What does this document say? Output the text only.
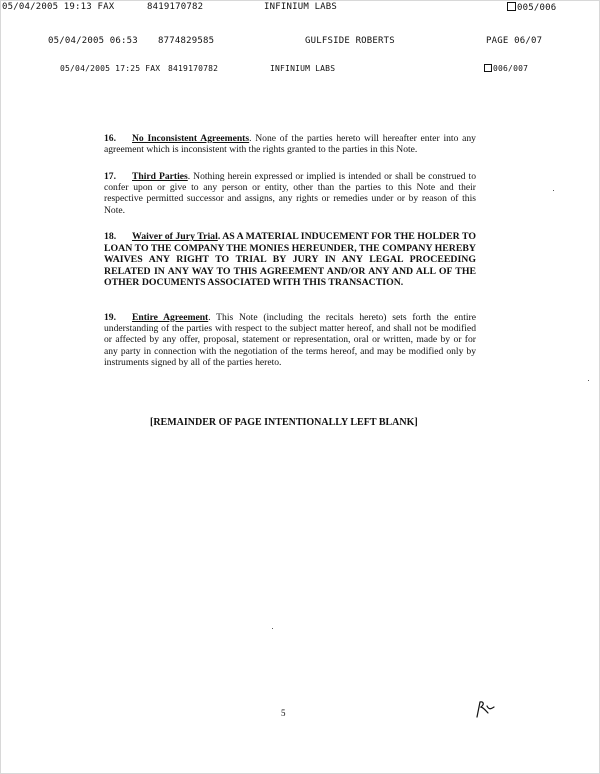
05/04/2005 19:13 FAX	8419170782	INFINIUM LABS	005/006
05/04/2005 06:53 8774829585	GULFSIDE ROBERTS	PAGE 06/07
05/04/2005 17:25 FAX 8419170782	INFINIUM LABS	006/007
16. No Inconsistent Agreements. None of the parties hereto will hereafter enter into any agreement which is inconsistent with the rights granted to the parties in this Note.
17. Third Parties. Nothing herein expressed or implied is intended or shall be construed to confer upon or give to any person or entity, other than the parties to this Note and their respective permitted successor and assigns, any rights or remedies under or by reason of this Note.
18. Waiver of Jury Trial. AS A MATERIAL INDUCEMENT FOR THE HOLDER TO LOAN TO THE COMPANY THE MONIES HEREUNDER, THE COMPANY HEREBY WAIVES ANY RIGHT TO TRIAL BY JURY IN ANY LEGAL PROCEEDING RELATED IN ANY WAY TO THIS AGREEMENT AND/OR ANY AND ALL OF THE OTHER DOCUMENTS ASSOCIATED WITH THIS TRANSACTION.
19. Entire Agreement. This Note (including the recitals hereto) sets forth the entire understanding of the parties with respect to the subject matter hereof, and shall not be modified or affected by any offer, proposal, statement or representation, oral or written, made by or for any party in connection with the negotiation of the terms hereof, and may be modified only by instruments signed by all of the parties hereto.
[REMAINDER OF PAGE INTENTIONALLY LEFT BLANK]
5
